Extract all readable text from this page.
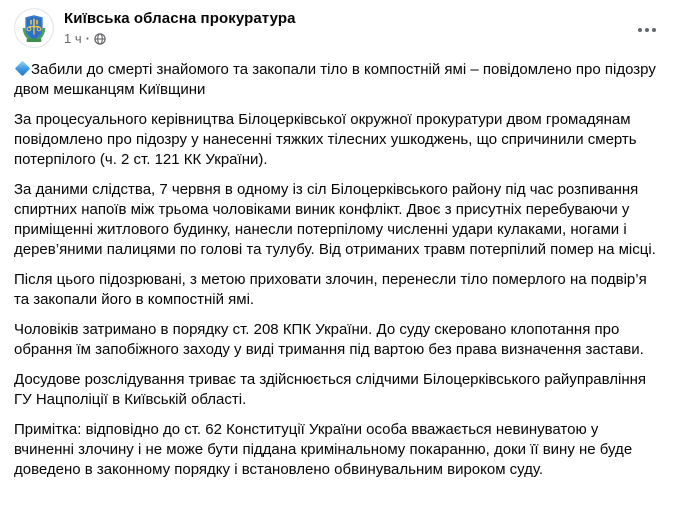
Київська обласна прокуратура
1 ч ·

Забили до смерті знайомого та закопали тіло в компостній ямі – повідомлено про підозру двом мешканцям Київщини

За процесуального керівництва Білоцерківської окружної прокуратури двом громадянам повідомлено про підозру у нанесенні тяжких тілесних ушкоджень, що спричинили смерть потерпілого (ч. 2 ст. 121 КК України).

За даними слідства, 7 червня в одному із сіл Білоцерківського району під час розпивання спиртних напоїв між трьома чоловіками виник конфлікт. Двоє з присутніх перебуваючи у приміщенні житлового будинку, нанесли потерпілому численні удари кулаками, ногами і дерев’яними палицями по голові та тулубу. Від отриманих травм потерпілий помер на місці.

Після цього підозрювані, з метою приховати злочин, перенесли тіло померлого на подвір’я та закопали його в компостній ямі.

Чоловіків затримано в порядку ст. 208 КПК України. До суду скеровано клопотання про обрання їм запобіжного заходу у виді тримання під вартою без права визначення застави.

Досудове розслідування триває та здійснюється слідчими Білоцерківського райуправління ГУ Нацполіції в Київській області.

Примітка: відповідно до ст. 62 Конституції України особа вважається невинуватою у вчиненні злочину і не може бути піддана кримінальному покаранню, доки її вину не буде доведено в законному порядку і встановлено обвинувальним вироком суду.
